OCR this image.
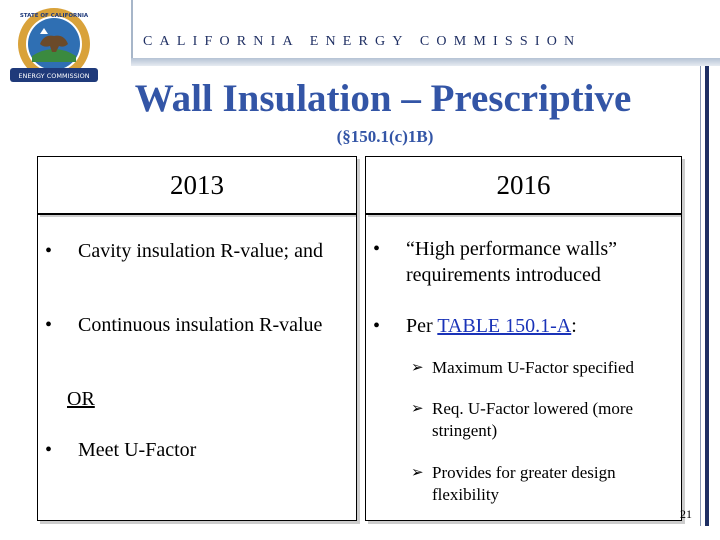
ENERGY COMMISSION
STATE OF CALIFORNIA
CALIFORNIA ENERGY COMMISSION
Wall Insulation – Prescriptive
(§150.1(c)1B)
2013	2016
•	Cavity insulation R-value; and
•	Continuous insulation R-value
OR
•	Meet U-Factor
•	“High performance walls” requirements introduced
•	Per TABLE 150.1-A:
➢ Maximum U-Factor specified
➢ Req. U-Factor lowered (more stringent)
➢ Provides for greater design flexibility
21
